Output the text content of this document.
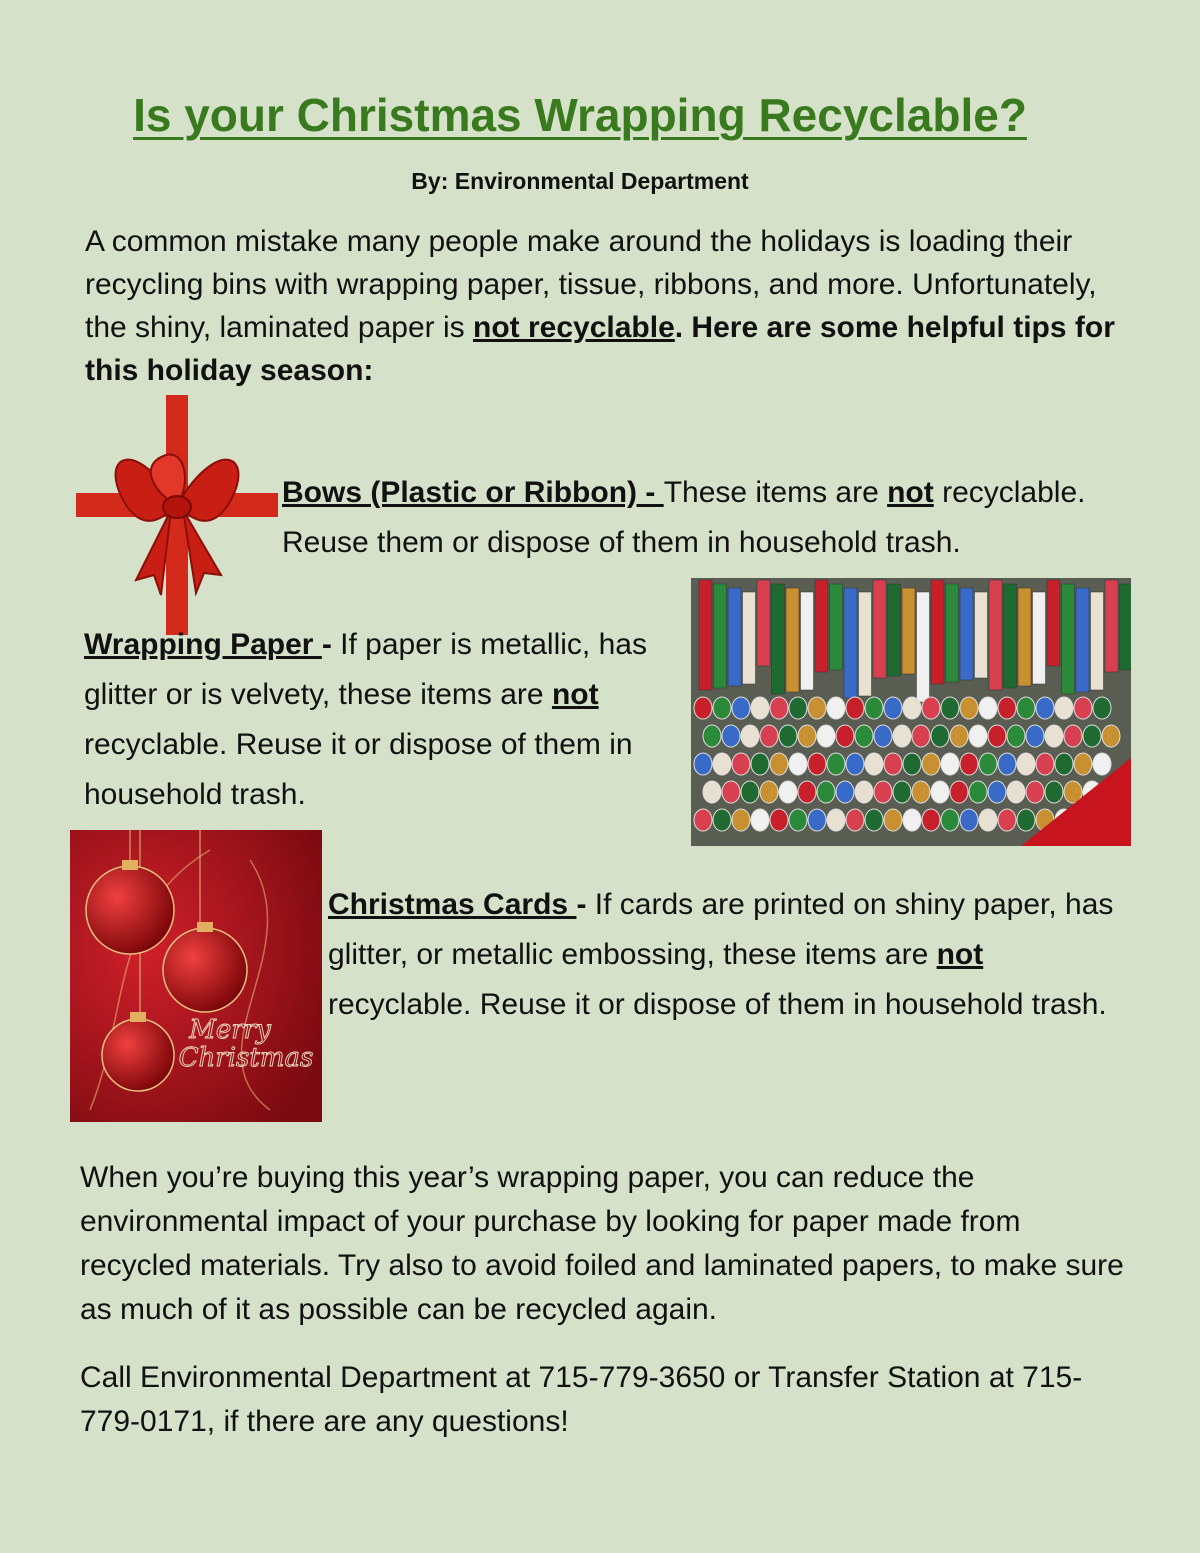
Is your Christmas Wrapping Recyclable?
By: Environmental Department
A common mistake many people make around the holidays is loading their recycling bins with wrapping paper, tissue, ribbons, and more. Unfortunately, the shiny, laminated paper is not recyclable. Here are some helpful tips for this holiday season:
Bows (Plastic or Ribbon) - These items are not recyclable. Reuse them or dispose of them in household trash.
Wrapping Paper - If paper is metallic, has glitter or is velvety, these items are not recyclable. Reuse it or dispose of them in household trash.
Merry
Christmas
Christmas Cards - If cards are printed on shiny paper, has glitter, or metallic embossing, these items are not recyclable. Reuse it or dispose of them in household trash.
When you’re buying this year’s wrapping paper, you can reduce the environmental impact of your purchase by looking for paper made from recycled materials. Try also to avoid foiled and laminated papers, to make sure as much of it as possible can be recycled again.
Call Environmental Department at 715-779-3650 or Transfer Station at 715-779-0171, if there are any questions!
